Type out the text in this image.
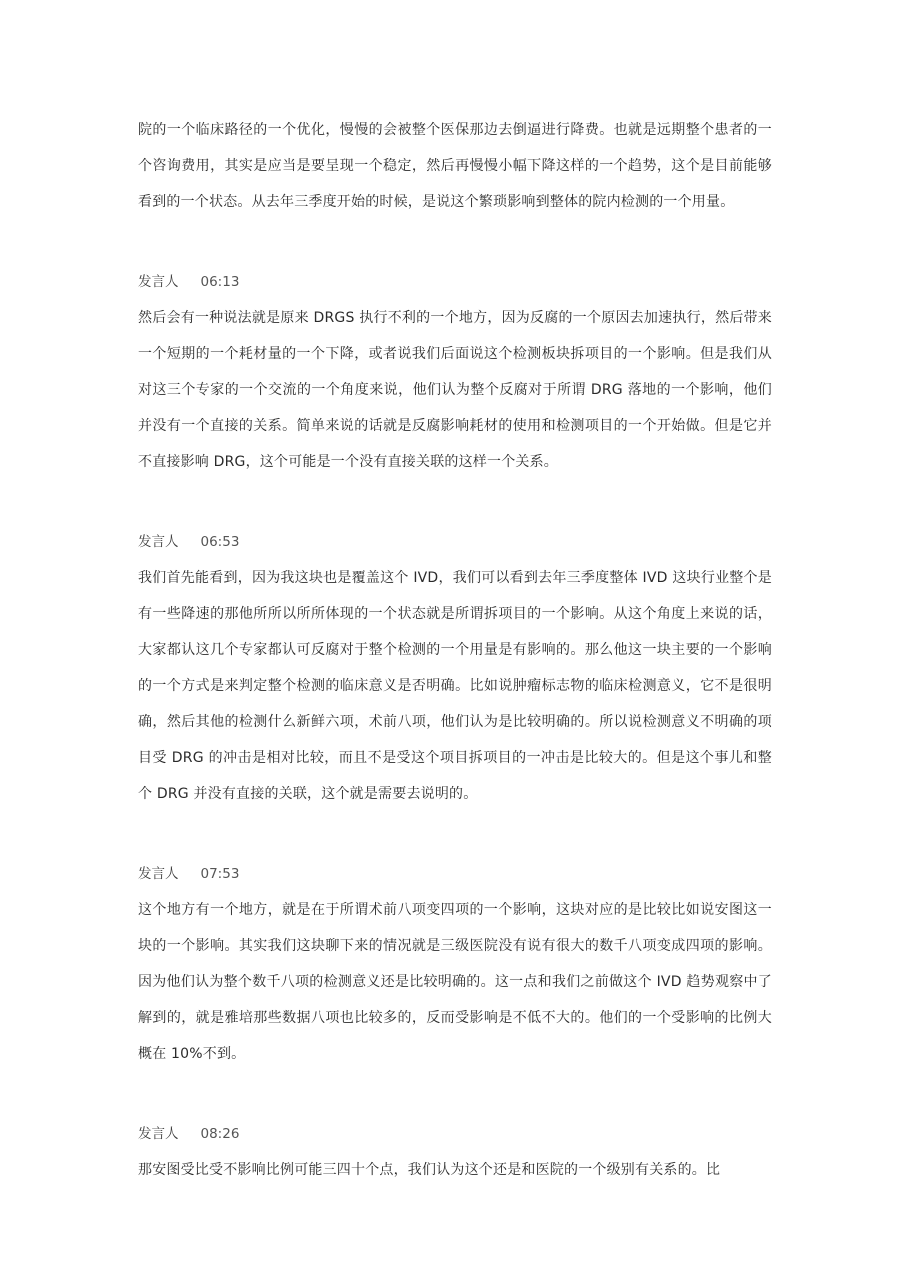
院的一个临床路径的一个优化，慢慢的会被整个医保那边去倒逼进行降费。也就是远期整个患者的一个咨询费用，其实是应当是要呈现一个稳定，然后再慢慢小幅下降这样的一个趋势，这个是目前能够看到的一个状态。从去年三季度开始的时候，是说这个繁琐影响到整体的院内检测的一个用量。

发言人 06:13

然后会有一种说法就是原来 DRGS 执行不利的一个地方，因为反腐的一个原因去加速执行，然后带来一个短期的一个耗材量的一个下降，或者说我们后面说这个检测板块拆项目的一个影响。但是我们从对这三个专家的一个交流的一个角度来说，他们认为整个反腐对于所谓 DRG 落地的一个影响，他们并没有一个直接的关系。简单来说的话就是反腐影响耗材的使用和检测项目的一个开始做。但是它并不直接影响 DRG，这个可能是一个没有直接关联的这样一个关系。

发言人 06:53

我们首先能看到，因为我这块也是覆盖这个 IVD，我们可以看到去年三季度整体 IVD 这块行业整个是有一些降速的那他所所以所所体现的一个状态就是所谓拆项目的一个影响。从这个角度上来说的话，大家都认这几个专家都认可反腐对于整个检测的一个用量是有影响的。那么他这一块主要的一个影响的一个方式是来判定整个检测的临床意义是否明确。比如说肿瘤标志物的临床检测意义，它不是很明确，然后其他的检测什么新鲜六项，术前八项，他们认为是比较明确的。所以说检测意义不明确的项目受 DRG 的冲击是相对比较，而且不是受这个项目拆项目的一冲击是比较大的。但是这个事儿和整个 DRG 并没有直接的关联，这个就是需要去说明的。

发言人 07:53

这个地方有一个地方，就是在于所谓术前八项变四项的一个影响，这块对应的是比较比如说安图这一块的一个影响。其实我们这块聊下来的情况就是三级医院没有说有很大的数千八项变成四项的影响。因为他们认为整个数千八项的检测意义还是比较明确的。这一点和我们之前做这个 IVD 趋势观察中了解到的，就是雅培那些数据八项也比较多的，反而受影响是不低不大的。他们的一个受影响的比例大概在 10%不到。

发言人 08:26

那安图受比受不影响比例可能三四十个点，我们认为这个还是和医院的一个级别有关系的。比
